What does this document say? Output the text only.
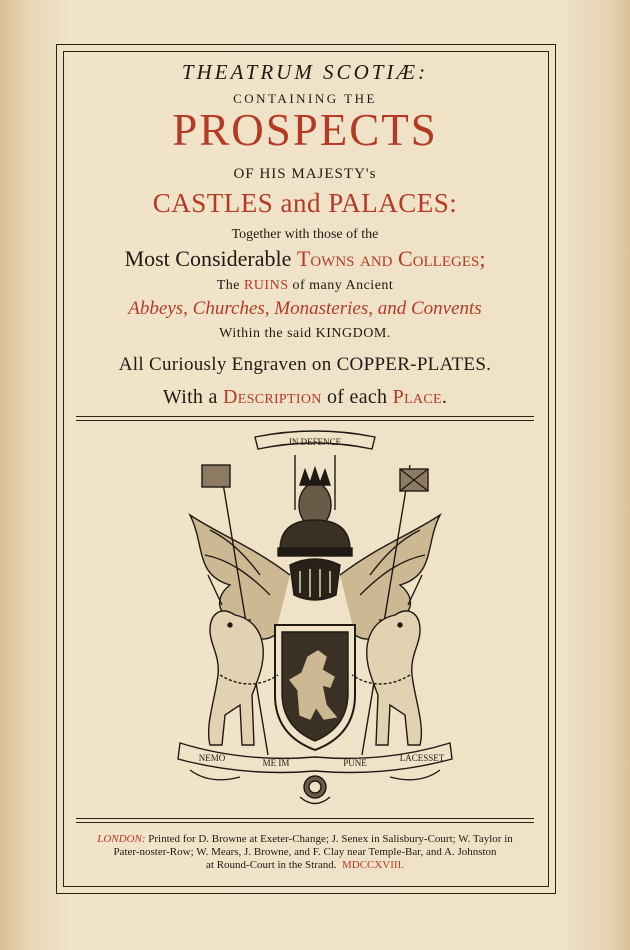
THEATRUM SCOTIÆ:
CONTAINING THE
PROSPECTS
OF HIS MAJESTY's
CASTLES and PALACES:
Together with those of the
Most Considerable Towns and Colleges;
The RUINS of many Ancient
Abbeys, Churches, Monasteries, and Convents
Within the said KINGDOM.
All Curiously Engraven on COPPER-PLATES.
With a Description of each Place.
IN DEFENCE
NEMO	ME IM	PUNE	LACESSET
LONDON: Printed for D. Browne at Exeter-Change; J. Senex in Salisbury-Court; W. Taylor in
Pater-noster-Row; W. Mears, J. Browne, and F. Clay near Temple-Bar, and A. Johnston
at Round-Court in the Strand. MDCCXVIII.
